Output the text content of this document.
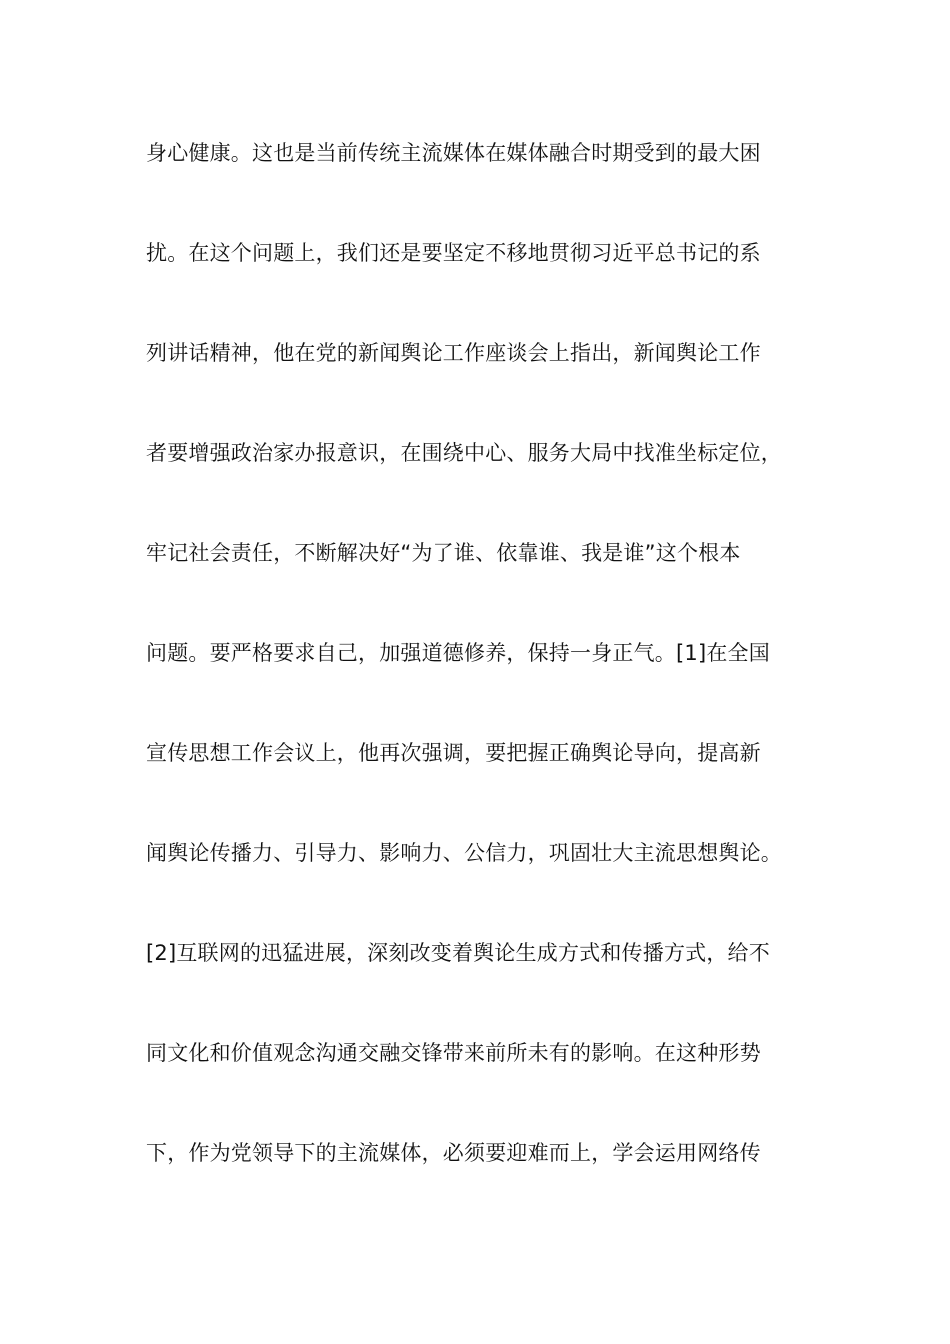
身心健康。这也是当前传统主流媒体在媒体融合时期受到的最大困
扰。在这个问题上，我们还是要坚定不移地贯彻习近平总书记的系
列讲话精神，他在党的新闻舆论工作座谈会上指出，新闻舆论工作
者要增强政治家办报意识，在围绕中心、服务大局中找准坐标定位，
牢记社会责任，不断解决好“为了谁、依靠谁、我是谁”这个根本
问题。要严格要求自己，加强道德修养，保持一身正气。[1]在全国
宣传思想工作会议上，他再次强调，要把握正确舆论导向，提高新
闻舆论传播力、引导力、影响力、公信力，巩固壮大主流思想舆论。
[2]互联网的迅猛进展，深刻改变着舆论生成方式和传播方式，给不
同文化和价值观念沟通交融交锋带来前所未有的影响。在这种形势
下，作为党领导下的主流媒体，必须要迎难而上，学会运用网络传
